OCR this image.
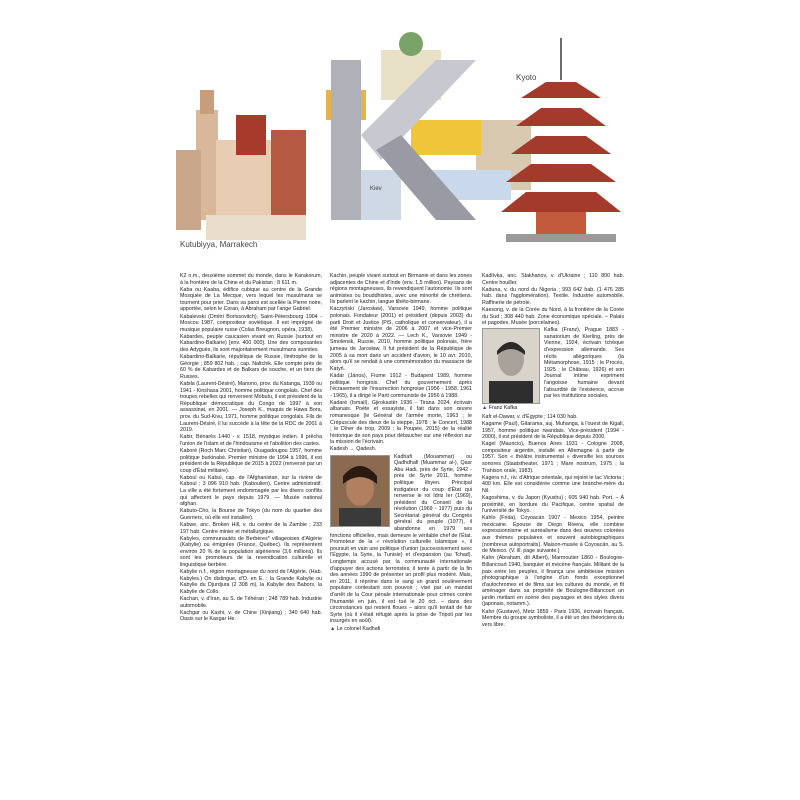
Kyoto
Kiev
Kutubiyya, Marrakech

K2 n.m., deuxième sommet du monde, dans le Karakorum, à la frontière de la Chine et du Pakistan ; 8 611 m.

Kaba ou Kaaba, édifice cubique au centre de la Grande Mosquée de La Mecque, vers lequel les musulmans se tournent pour prier. Dans sa paroi est scellée la Pierre noire, apportée, selon le Coran, à Abraham par l'ange Gabriel.

Kabalevski (Dmitri Borissovitch), Saint-Pétersbourg 1904 - Moscou 1987, compositeur soviétique. Il est imprégné de musique populaire russe (Colas Breugnon, opéra, 1938).

Kabardes, peuple caucasien vivant en Russie (surtout en Kabardino-Balkarie) [env. 400 000]. Une des composantes des Adyguès, ils sont majoritairement musulmans sunnites.

Kabardino-Balkarie, république de Russie, limitrophe de la Géorgie ; 859 802 hab. ; cap. Naltchik. Elle compte près de 60 % de Kabardes et de Balkars de souche, et un tiers de Russes.

Kabila (Laurent-Désiré), Manono, prov. du Katanga, 1939 ou 1941 - Kinshasa 2001, homme politique congolais. Chef des troupes rebelles qui renversent Mobutu, il est président de la République démocratique du Congo de 1997 à son assassinat, en 2001. — Joseph K., maquis de Hawa Bora, prov. du Sud-Kivu, 1971, homme politique congolais. Fils de Laurent-Désiré, il lui succède à la tête de la RDC de 2001 à 2019.

Kabir, Bénarès 1440 - v. 1518, mystique indien. Il prêcha l'union de l'islam et de l'hindouisme et l'abolition des castes.

Kaboré (Roch Marc Christian), Ouagadougou 1957, homme politique burkinabé. Premier ministre de 1994 à 1996, il est président de la République de 2015 à 2022 (renversé par un coup d'État militaire).

Kaboul ou Kabul, cap. de l'Afghanistan, sur la rivière de Kaboul ; 3 096 910 hab. (Kaboulien). Centre administratif. La ville a été fortement endommagée par les divers conflits qui affectent le pays depuis 1979. — Musée national afghan.

Kabuto-Cho, la Bourse de Tokyo (du nom du quartier des Guerriers, où elle est installée).

Kabwe, anc. Broken Hill, v. du centre de la Zambie ; 233 197 hab. Centre minier et métallurgique.

Kabyles, communautés de Berbères* villageoises d'Algérie (Kabylie) ou émigrées (France, Québec). Ils représentent environ 20 % de la population algérienne (3,6 millions). Ils sont les promoteurs de la revendication culturelle et linguistique berbère.

Kabylie n.f., région montagneuse du nord de l'Algérie. (Hab. Kabyles.) On distingue, d'O. en E. : la Grande Kabylie ou Kabylie du Djurdjura (2 308 m), la Kabylie des Babors, la Kabylie de Collo.

Kachan, v. d'Iran, au S. de Téhéran ; 248 789 hab. Industrie automobile.

Kachgar ou Kashi, v. de Chine (Xinjiang) ; 340 640 hab. Oasis sur le Kaxgar He.

Kachin, peuple vivant surtout en Birmanie et dans les zones adjacentes de Chine et d'Inde (env. 1,5 million). Paysans de régions montagneuses, ils revendiquent l'autonomie. Ils sont animistes ou bouddhistes, avec une minorité de chrétiens. Ils parlent le kachin, langue tibéto-birmane.

Kaczyński (Jarosław), Varsovie 1949, homme politique polonais. Fondateur (2001) et président (depuis 2003) du parti Droit et Justice (PiS, catholique et conservateur), il a été Premier ministre de 2006 à 2007 et vice-Premier ministre de 2020 à 2022. — Lech K., Varsovie 1949 - Smolensk, Russie, 2010, homme politique polonais, frère jumeau de Jarosław. Il fut président de la République de 2005 à sa mort dans un accident d'avion, le 10 avr. 2010, alors qu'il se rendait à une commémoration du massacre de Katyń.

Kádár (János), Fiume 1912 - Budapest 1989, homme politique hongrois. Chef du gouvernement après l'écrasement de l'insurrection hongroise (1956 - 1958, 1961 - 1965), il a dirigé le Parti communiste de 1956 à 1988.

Kadaré (Ismail), Gjirokastër 1936 - Tirana 2024, écrivain albanais. Poète et essayiste, il fait dans son œuvre romanesque (le Général de l'armée morte, 1963 ; le Crépuscule des dieux de la steppe, 1978 ; le Concert, 1988 ; le Dîner de trop, 2009 ; la Poupée, 2015) de la réalité historique de son pays pour débaucher sur une réflexion sur la mission de l'écrivain.

Kadesh → Qadesh.

Kadhafi (Mouammar) ou Qadhdhafi (Muammar al-), Qasr Abu Hadi, près de Syrte, 1942 - près de Syrte 2011, homme politique libyen. Principal instigateur du coup d'État qui renverse le roi Idris Ier (1969), président du Conseil de la révolution (1969 - 1977) puis du Secrétariat général du Congrès général du peuple (1977), il abandonne en 1979 ses fonctions officielles, mais demeure le véritable chef de l'État. Promoteur de la « révolution culturelle islamique », il poursuit en vain une politique d'union (successivement avec l'Égypte, la Syrie, la Tunisie) et d'expansion (au Tchad). Longtemps accusé par la communauté internationale d'appuyer des actions terroristes, il tente à partir de la fin des années 1990 de présenter un profil plus modéré. Mais, en 2011, il réprime dans le sang un grand soulèvement populaire contestant son pouvoir ; visé par un mandat d'arrêt de la Cour pénale internationale pour crimes contre l'humanité en juin, il est tué le 20 oct. – dans des circonstances qui restent floues – alors qu'il tentait de fuir Syrte (où il s'était réfugié après la prise de Tripoli par les insurgés en août).

▲ Le colonel Kadhafi

Kadiïvka, anc. Stakhanov, v. d'Ukraine ; 110 800 hab. Centre houiller.

Kaduna, v. du nord du Nigeria ; 993 642 hab. (1 476 285 hab. dans l'agglomération). Textile. Industrie automobile. Raffinerie de pétrole.

Kaesong, v. de la Corée du Nord, à la frontière de la Corée du Sud ; 308 440 hab. Zone économique spéciale. – Palais et pagodes. Musée (porcelaines).

Kafka (Franz), Prague 1883 - sanatorium de Kierling, près de Vienne, 1924, écrivain tchèque d'expression allemande. Ses récits allégoriques (la Métamorphose, 1915 ; le Procès, 1925 ; le Château, 1926) et son Journal intime expriment l'angoisse humaine devant l'absurdité de l'existence, accrue par les institutions sociales.

▲ Franz Kafka

Kafr el-Dawar, v. d'Égypte ; 114 030 hab.

Kagame (Paul), Gitarama, auj. Muhanga, à l'ouest de Kigali, 1957, homme politique rwandais. Vice-président (1994 - 2000), il est président de la République depuis 2000.

Kagel (Mauricio), Buenos Aires 1931 - Cologne 2008, compositeur argentin, installé en Allemagne à partir de 1957. Son « théâtre instrumental » diversifie les sources sonores (Staatstheater, 1971 ; Mare nostrum, 1975 ; la Trahison orale, 1983).

Kagera n.f., riv. d'Afrique orientale, qui rejoint le lac Victoria ; 400 km. Elle est considérée comme une branche-mère du Nil.

Kagoshima, v. du Japon (Kyushu) ; 605 940 hab. Port. – À proximité, en bordure du Pacifique, centre spatial de l'université de Tokyo.

Kahlo (Frida), Coyoacán 1907 - Mexico 1954, peintre mexicaine. Épouse de Diego Rivera, elle combine expressionnisme et surréalisme dans des œuvres colorées aux thèmes populaires et souvent autobiographiques (nombreux autoportraits). Maison-musée à Coyoacán, au S. de Mexico. (V. ill. page suivante.)

Kahn (Abraham, dit Albert), Marmoutier 1860 - Boulogne-Billancourt 1940, banquier et mécène français. Militant de la paix entre les peuples, il finança une ambitieuse mission photographique à l'origine d'un fonds exceptionnel d'autochromes et de films sur les cultures du monde, et fit aménager dans sa propriété de Boulogne-Billancourt un jardin mettant en scène des paysages et des styles divers (japonais, notamm.).

Kahn (Gustave), Metz 1859 - Paris 1936, écrivain français. Membre du groupe symboliste, il a été un des théoriciens du vers libre.
